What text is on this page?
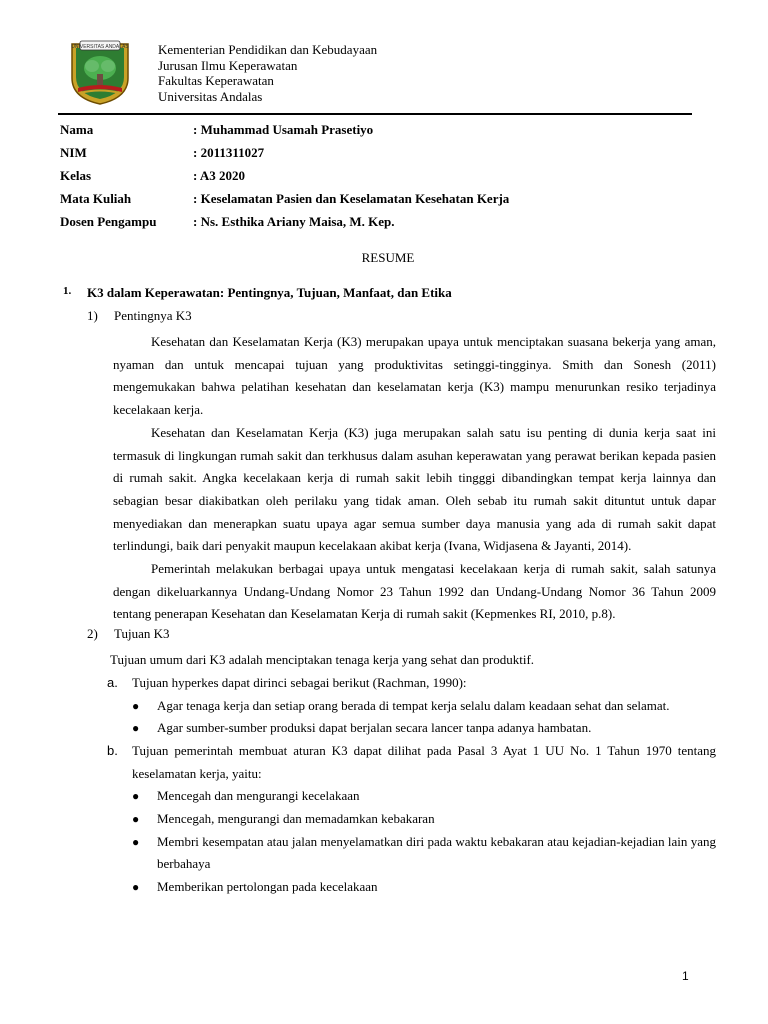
UNIVERSITAS ANDALAS Kementerian Pendidikan dan Kebudayaan
Jurusan Ilmu Keperawatan
Fakultas Keperawatan
Universitas Andalas
Nama	: Muhammad Usamah Prasetiyo
NIM	: 2011311027
Kelas	: A3 2020
Mata Kuliah	: Keselamatan Pasien dan Keselamatan Kesehatan Kerja
Dosen Pengampu	: Ns. Esthika Ariany Maisa, M. Kep.
RESUME
1. K3 dalam Keperawatan: Pentingnya, Tujuan, Manfaat, dan Etika
1) Pentingnya K3
Kesehatan dan Keselamatan Kerja (K3) merupakan upaya untuk menciptakan suasana bekerja yang aman, nyaman dan untuk mencapai tujuan yang produktivitas setinggi-tingginya. Smith dan Sonesh (2011) mengemukakan bahwa pelatihan kesehatan dan keselamatan kerja (K3) mampu menurunkan resiko terjadinya kecelakaan kerja.
Kesehatan dan Keselamatan Kerja (K3) juga merupakan salah satu isu penting di dunia kerja saat ini termasuk di lingkungan rumah sakit dan terkhusus dalam asuhan keperawatan yang perawat berikan kepada pasien di rumah sakit. Angka kecelakaan kerja di rumah sakit lebih tingggi dibandingkan tempat kerja lainnya dan sebagian besar diakibatkan oleh perilaku yang tidak aman. Oleh sebab itu rumah sakit dituntut untuk dapar menyediakan dan menerapkan suatu upaya agar semua sumber daya manusia yang ada di rumah sakit dapat terlindungi, baik dari penyakit maupun kecelakaan akibat kerja (Ivana, Widjasena & Jayanti, 2014).
Pemerintah melakukan berbagai upaya untuk mengatasi kecelakaan kerja di rumah sakit, salah satunya dengan dikeluarkannya Undang-Undang Nomor 23 Tahun 1992 dan Undang-Undang Nomor 36 Tahun 2009 tentang penerapan Kesehatan dan Keselamatan Kerja di rumah sakit (Kepmenkes RI, 2010, p.8).
2) Tujuan K3
Tujuan umum dari K3 adalah menciptakan tenaga kerja yang sehat dan produktif.
a. Tujuan hyperkes dapat dirinci sebagai berikut (Rachman, 1990):
● Agar tenaga kerja dan setiap orang berada di tempat kerja selalu dalam keadaan sehat dan selamat.
● Agar sumber-sumber produksi dapat berjalan secara lancer tanpa adanya hambatan.
b. Tujuan pemerintah membuat aturan K3 dapat dilihat pada Pasal 3 Ayat 1 UU No. 1 Tahun 1970 tentang keselamatan kerja, yaitu:
● Mencegah dan mengurangi kecelakaan
● Mencegah, mengurangi dan memadamkan kebakaran
● Membri kesempatan atau jalan menyelamatkan diri pada waktu kebakaran atau kejadian-kejadian lain yang berbahaya
● Memberikan pertolongan pada kecelakaan
1
